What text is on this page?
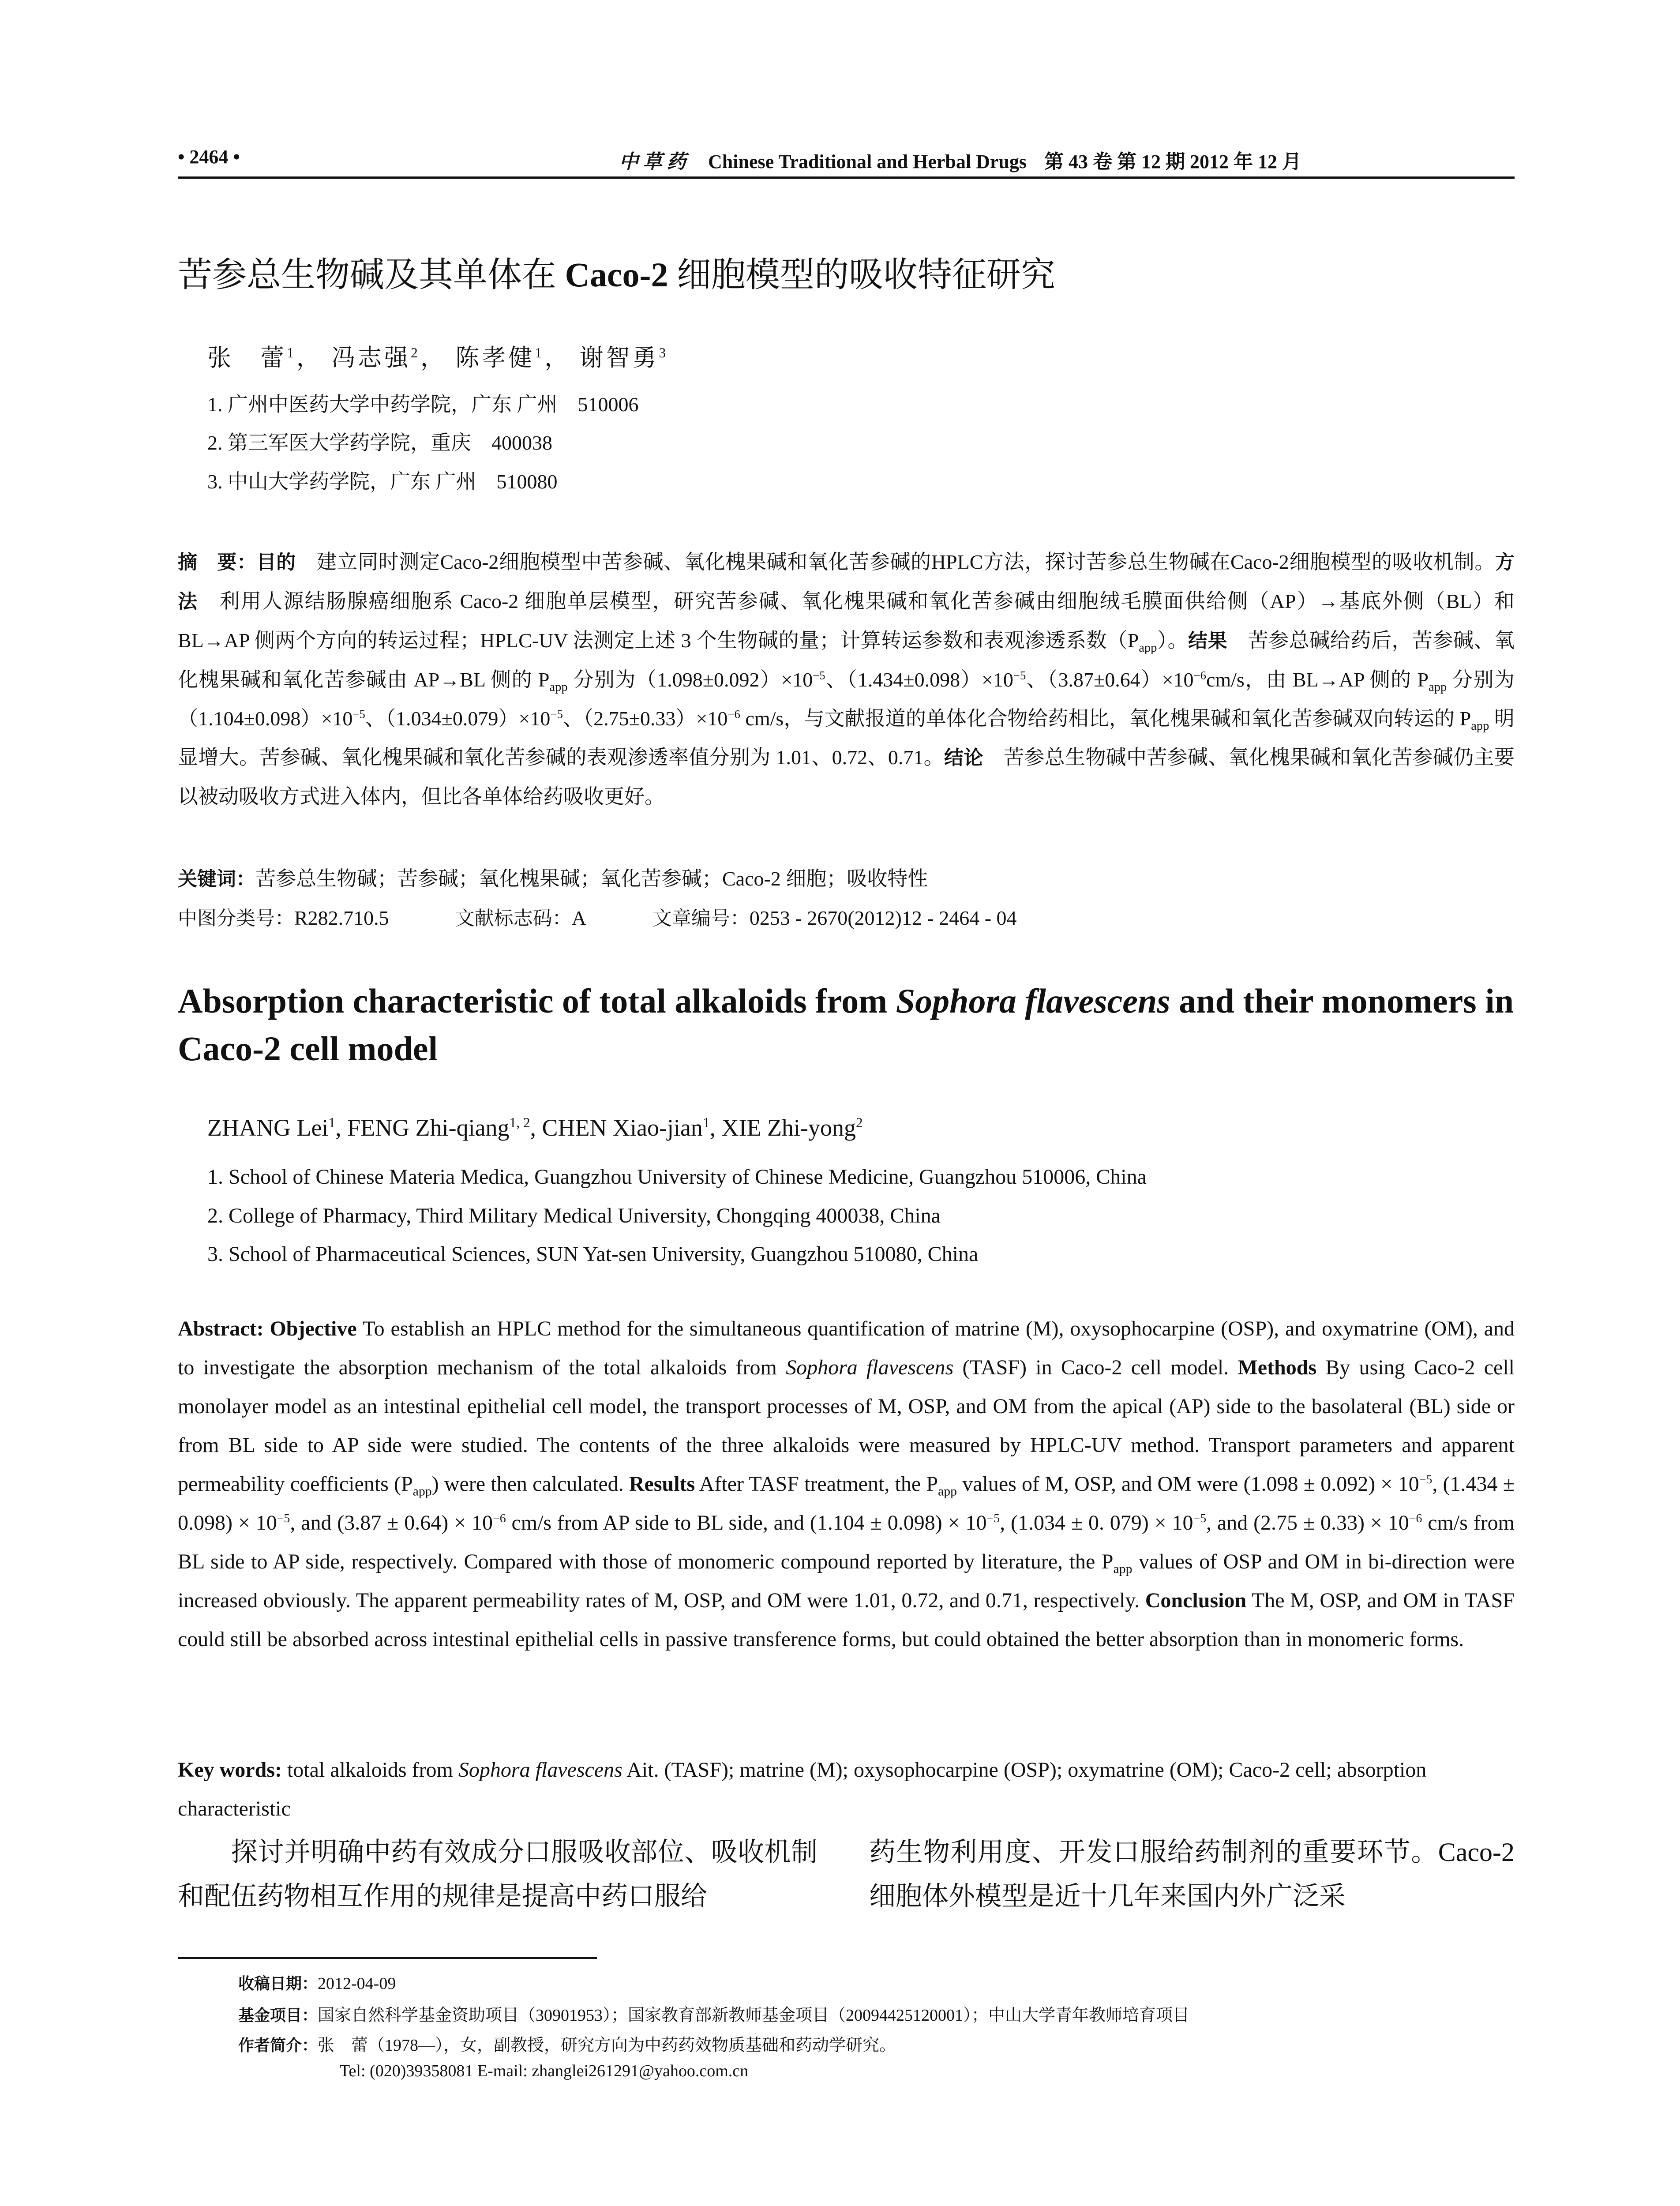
• 2464 •	中草药 Chinese Traditional and Herbal Drugs 第 43 卷 第 12 期 2012 年 12 月
苦参总生物碱及其单体在 Caco-2 细胞模型的吸收特征研究
张　蕾$^1$， 冯志强$^2$， 陈孝健$^1$， 谢智勇$^3$
1. 广州中医药大学中药学院，广东 广州　510006
2. 第三军医大学药学院，重庆　400038
3. 中山大学药学院，广东 广州　510080
摘　要：目的　建立同时测定Caco-2细胞模型中苦参碱、氧化槐果碱和氧化苦参碱的HPLC方法，探讨苦参总生物碱在Caco-2细胞模型的吸收机制。方法　利用人源结肠腺癌细胞系 Caco-2 细胞单层模型，研究苦参碱、氧化槐果碱和氧化苦参碱由细胞绒毛膜面供给侧（AP）→基底外侧（BL）和 BL→AP 侧两个方向的转运过程；HPLC-UV 法测定上述 3 个生物碱的量；计算转运参数和表观渗透系数$(P_{app})$。结果　苦参总碱给药后，苦参碱、氧化槐果碱和氧化苦参碱由 AP→BL 侧的 $P_{app}$ 分别为$(1.098\pm 0.092)\times 10^{-5}$、$(1.434\pm 0.098)\times 10^{-5}$、$(3.87\pm 0.64)\times 10^{-6}cm/s$，由 BL→AP 侧的 $P_{app}$ 分别为$(1.104\pm 0.098)\times 10^{-5}$、$(1.034\pm 0.079)\times 10^{-5}$、$(2.75\pm 0.33)\times 10^{-6}$ cm/s，与文献报道的单体化合物给药相比，氧化槐果碱和氧化苦参碱双向转运的 $P_{app}$ 明显增大。苦参碱、氧化槐果碱和氧化苦参碱的表观渗透率值分别为 1.01、0.72、0.71。结论　苦参总生物碱中苦参碱、氧化槐果碱和氧化苦参碱仍主要以被动吸收方式进入体内，但比各单体给药吸收更好。
关键词：苦参总生物碱；苦参碱；氧化槐果碱；氧化苦参碱；Caco-2 细胞；吸收特性
中图分类号：R282.710.5	文献标志码：A	文章编号：0253 - 2670(2012)12 - 2464 - 04
Absorption characteristic of total alkaloids from Sophora flavescens and their monomers in Caco-2 cell model
ZHANG Lei$^1$, FENG Zhi-qiang$^{1, 2}$, CHEN Xiao-jian$^1$, XIE Zhi-yong$^2$
1. School of Chinese Materia Medica, Guangzhou University of Chinese Medicine, Guangzhou 510006, China
2. College of Pharmacy, Third Military Medical University, Chongqing 400038, China
3. School of Pharmaceutical Sciences, SUN Yat-sen University, Guangzhou 510080, China
Abstract: Objective To establish an HPLC method for the simultaneous quantification of matrine (M), oxysophocarpine (OSP), and oxymatrine (OM), and to investigate the absorption mechanism of the total alkaloids from Sophora flavescens (TASF) in Caco-2 cell model. Methods By using Caco-2 cell monolayer model as an intestinal epithelial cell model, the transport processes of M, OSP, and OM from the apical (AP) side to the basolateral (BL) side or from BL side to AP side were studied. The contents of the three alkaloids were measured by HPLC-UV method. Transport parameters and apparent permeability coefficients $(P_{app})$ were then calculated. Results After TASF treatment, the $P_{app}$ values of M, OSP, and OM were $(1.098 \pm 0.092) \times 10^{-5}$, $(1.434 \pm 0.098) \times 10^{-5}$, and $(3.87 \pm 0.64) \times 10^{-6}$ cm/s from AP side to BL side, and $(1.104 \pm 0.098) \times 10^{-5}$, (1.034 ± 0. $079) \times 10^{-5}$, and $(2.75 \pm 0.33) \times 10^{-6}$ cm/s from BL side to AP side, respectively. Compared with those of monomeric compound reported by literature, the $P_{app}$ values of OSP and OM in bi-direction were increased obviously. The apparent permeability rates of M, OSP, and OM were 1.01, 0.72, and 0.71, respectively. Conclusion The M, OSP, and OM in TASF could still be absorbed across intestinal epithelial cells in passive transference forms, but could obtained the better absorption than in monomeric forms.
Key words: total alkaloids from Sophora flavescens Ait. (TASF); matrine (M); oxysophocarpine (OSP); oxymatrine (OM); Caco-2 cell; absorption characteristic
探讨并明确中药有效成分口服吸收部位、吸收机制和配伍药物相互作用的规律是提高中药口服给
药生物利用度、开发口服给药制剂的重要环节。Caco-2 细胞体外模型是近十几年来国内外广泛采
收稿日期：2012-04-09
基金项目：国家自然科学基金资助项目（30901953）；国家教育部新教师基金项目（20094425120001）；中山大学青年教师培育项目
作者简介：张　蕾（1978—），女，副教授，研究方向为中药药效物质基础和药动学研究。
Tel: (020)39358081 E-mail: zhanglei261291@yahoo.com.cn
